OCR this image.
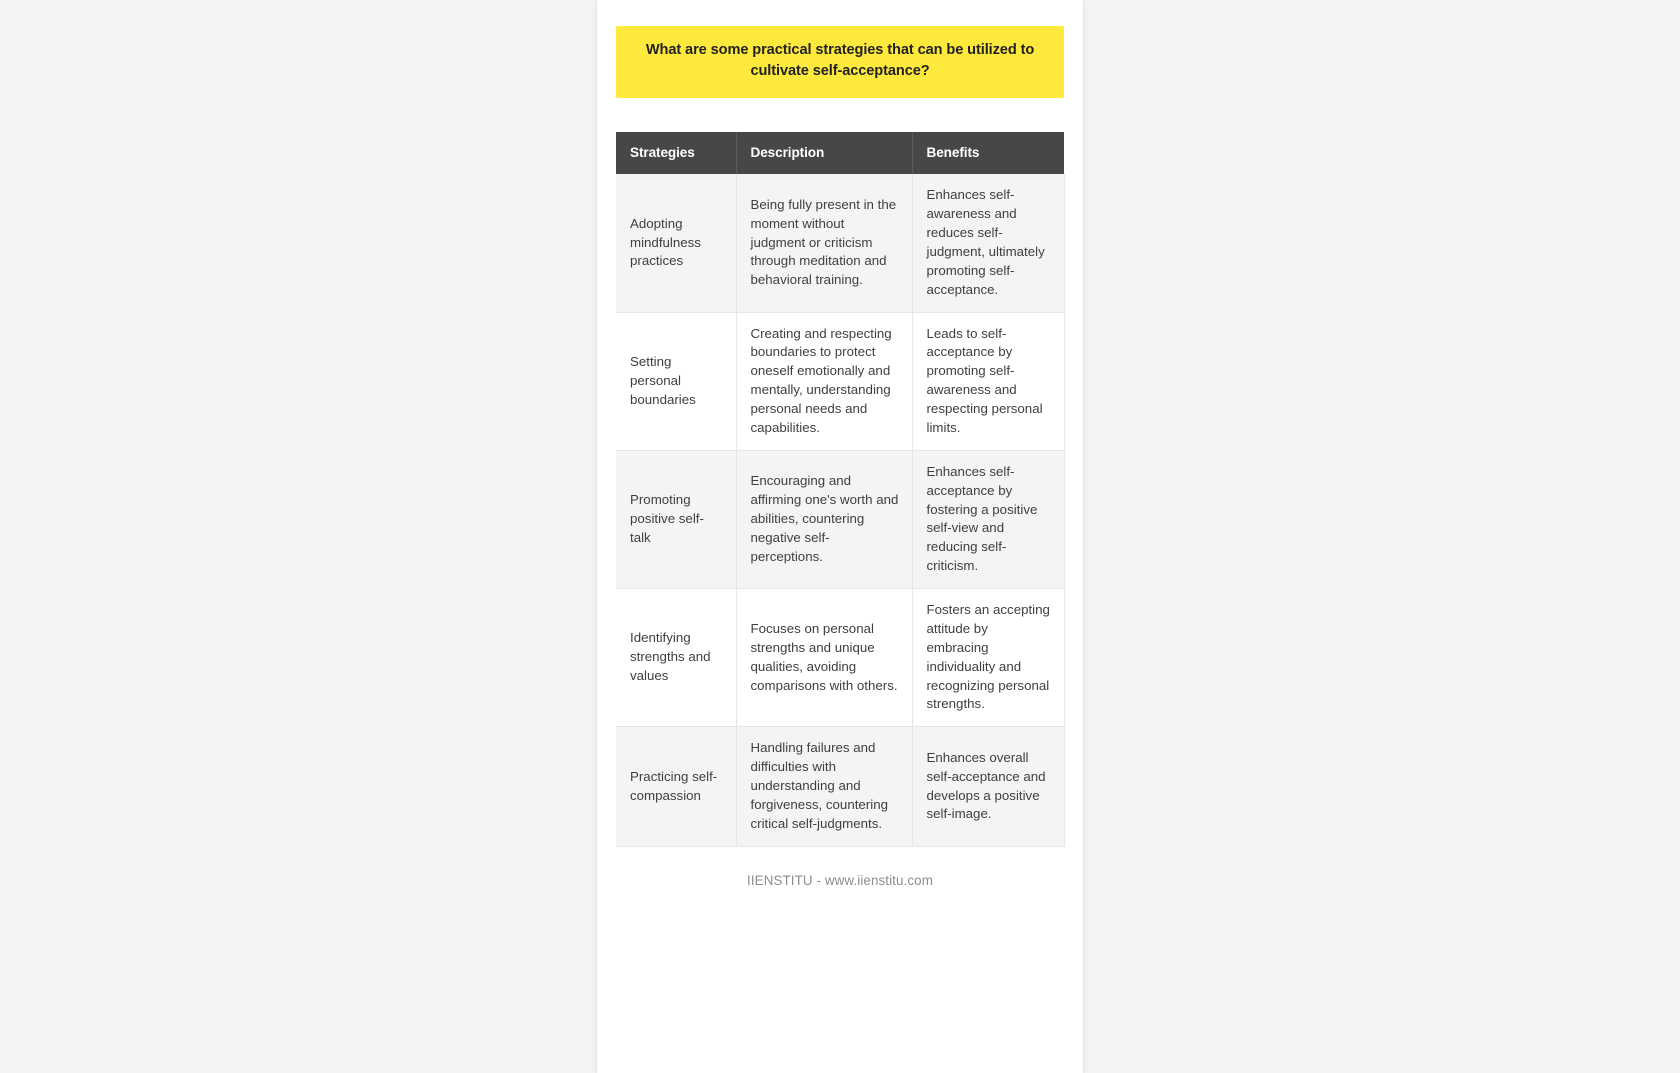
What are some practical strategies that can be utilized to cultivate self-acceptance?
Strategies	Description	Benefits
Adopting mindfulness practices	Being fully present in the moment without judgment or criticism through meditation and behavioral training.	Enhances self-awareness and reduces self-judgment, ultimately promoting self-acceptance.
Setting personal boundaries	Creating and respecting boundaries to protect oneself emotionally and mentally, understanding personal needs and capabilities.	Leads to self-acceptance by promoting self-awareness and respecting personal limits.
Promoting positive self-talk	Encouraging and affirming one's worth and abilities, countering negative self-perceptions.	Enhances self-acceptance by fostering a positive self-view and reducing self-criticism.
Identifying strengths and values	Focuses on personal strengths and unique qualities, avoiding comparisons with others.	Fosters an accepting attitude by embracing individuality and recognizing personal strengths.
Practicing self-compassion	Handling failures and difficulties with understanding and forgiveness, countering critical self-judgments.	Enhances overall self-acceptance and develops a positive self-image.
IIENSTITU - www.iienstitu.com
